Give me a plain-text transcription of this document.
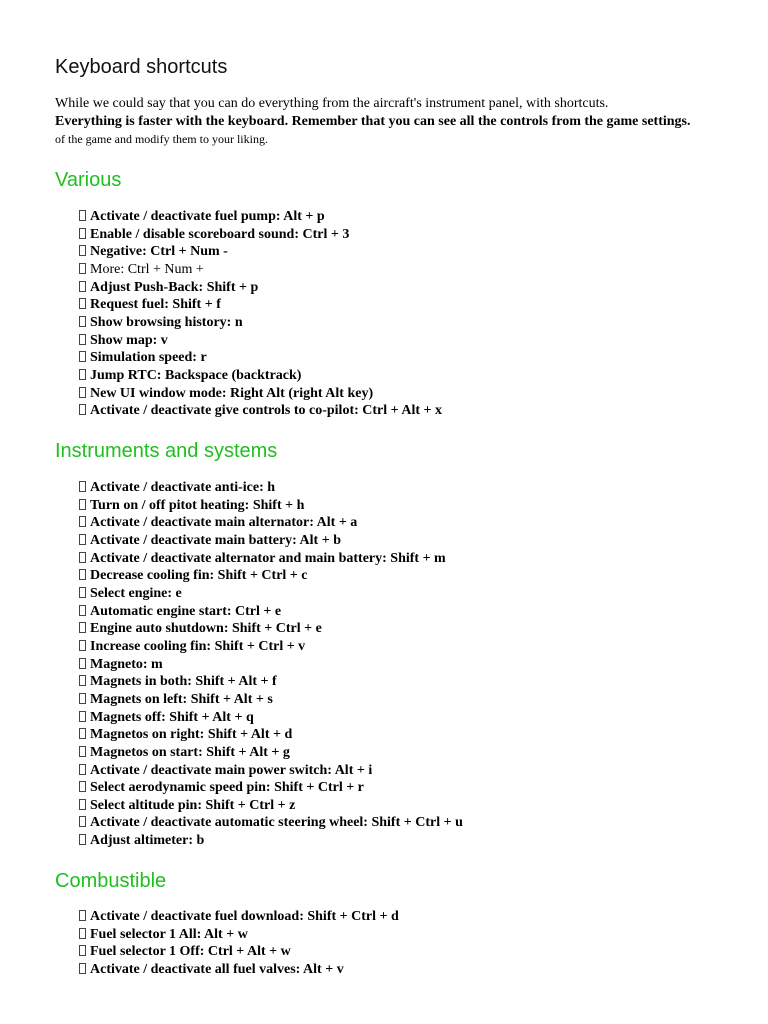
Keyboard shortcuts
While we could say that you can do everything from the aircraft's instrument panel, with shortcuts.
Everything is faster with the keyboard. Remember that you can see all the controls from the game settings.
of the game and modify them to your liking.
Various
Activate / deactivate fuel pump: Alt + p
Enable / disable scoreboard sound: Ctrl + 3
Negative: Ctrl + Num -
More: Ctrl + Num +
Adjust Push-Back: Shift + p
Request fuel: Shift + f
Show browsing history: n
Show map: v
Simulation speed: r
Jump RTC: Backspace (backtrack)
New UI window mode: Right Alt (right Alt key)
Activate / deactivate give controls to co-pilot: Ctrl + Alt + x
Instruments and systems
Activate / deactivate anti-ice: h
Turn on / off pitot heating: Shift + h
Activate / deactivate main alternator: Alt + a
Activate / deactivate main battery: Alt + b
Activate / deactivate alternator and main battery: Shift + m
Decrease cooling fin: Shift + Ctrl + c
Select engine: e
Automatic engine start: Ctrl + e
Engine auto shutdown: Shift + Ctrl + e
Increase cooling fin: Shift + Ctrl + v
Magneto: m
Magnets in both: Shift + Alt + f
Magnets on left: Shift + Alt + s
Magnets off: Shift + Alt + q
Magnetos on right: Shift + Alt + d
Magnetos on start: Shift + Alt + g
Activate / deactivate main power switch: Alt + i
Select aerodynamic speed pin: Shift + Ctrl + r
Select altitude pin: Shift + Ctrl + z
Activate / deactivate automatic steering wheel: Shift + Ctrl + u
Adjust altimeter: b
Combustible
Activate / deactivate fuel download: Shift + Ctrl + d
Fuel selector 1 All: Alt + w
Fuel selector 1 Off: Ctrl + Alt + w
Activate / deactivate all fuel valves: Alt + v
